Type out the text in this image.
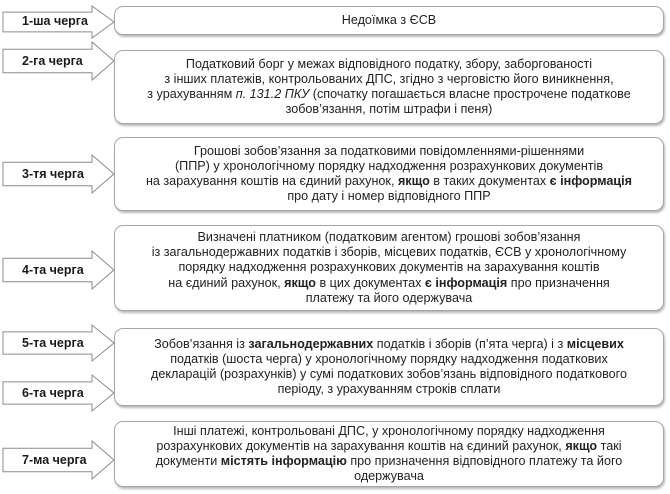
1-ша черга
2-га черга
3-тя черга
4-та черга
5-та черга
6-та черга
7-ма черга
Недоїмка з ЄСВ
Податковий борг у межах відповідного податку, збору, заборгованості
з інших платежів, контрольованих ДПС, згідно з черговістю його виникнення,
з урахуванням п. 131.2 ПКУ (спочатку погашається власне прострочене податкове
зобов’язання, потім штрафи і пеня)
Грошові зобов’язання за податковими повідомленнями-рішеннями
(ППР) у хронологічному порядку надходження розрахункових документів
на зарахування коштів на єдиний рахунок, якщо в таких документах є інформація
про дату і номер відповідного ППР
Визначені платником (податковим агентом) грошові зобов’язання
із загальнодержавних податків і зборів, місцевих податків, ЄСВ у хронологічному
порядку надходження розрахункових документів на зарахування коштів
на єдиний рахунок, якщо в цих документах є інформація про призначення
платежу та його одержувача
Зобов’язання із загальнодержавних податків і зборів (п’ята черга) і з місцевих
податків (шоста черга) у хронологічному порядку надходження податкових
декларацій (розрахунків) у сумі податкових зобов’язань відповідного податкового
періоду, з урахуванням строків сплати
Інші платежі, контрольовані ДПС, у хронологічному порядку надходження
розрахункових документів на зарахування коштів на єдиний рахунок, якщо такі
документи містять інформацію про призначення відповідного платежу та його
одержувача
